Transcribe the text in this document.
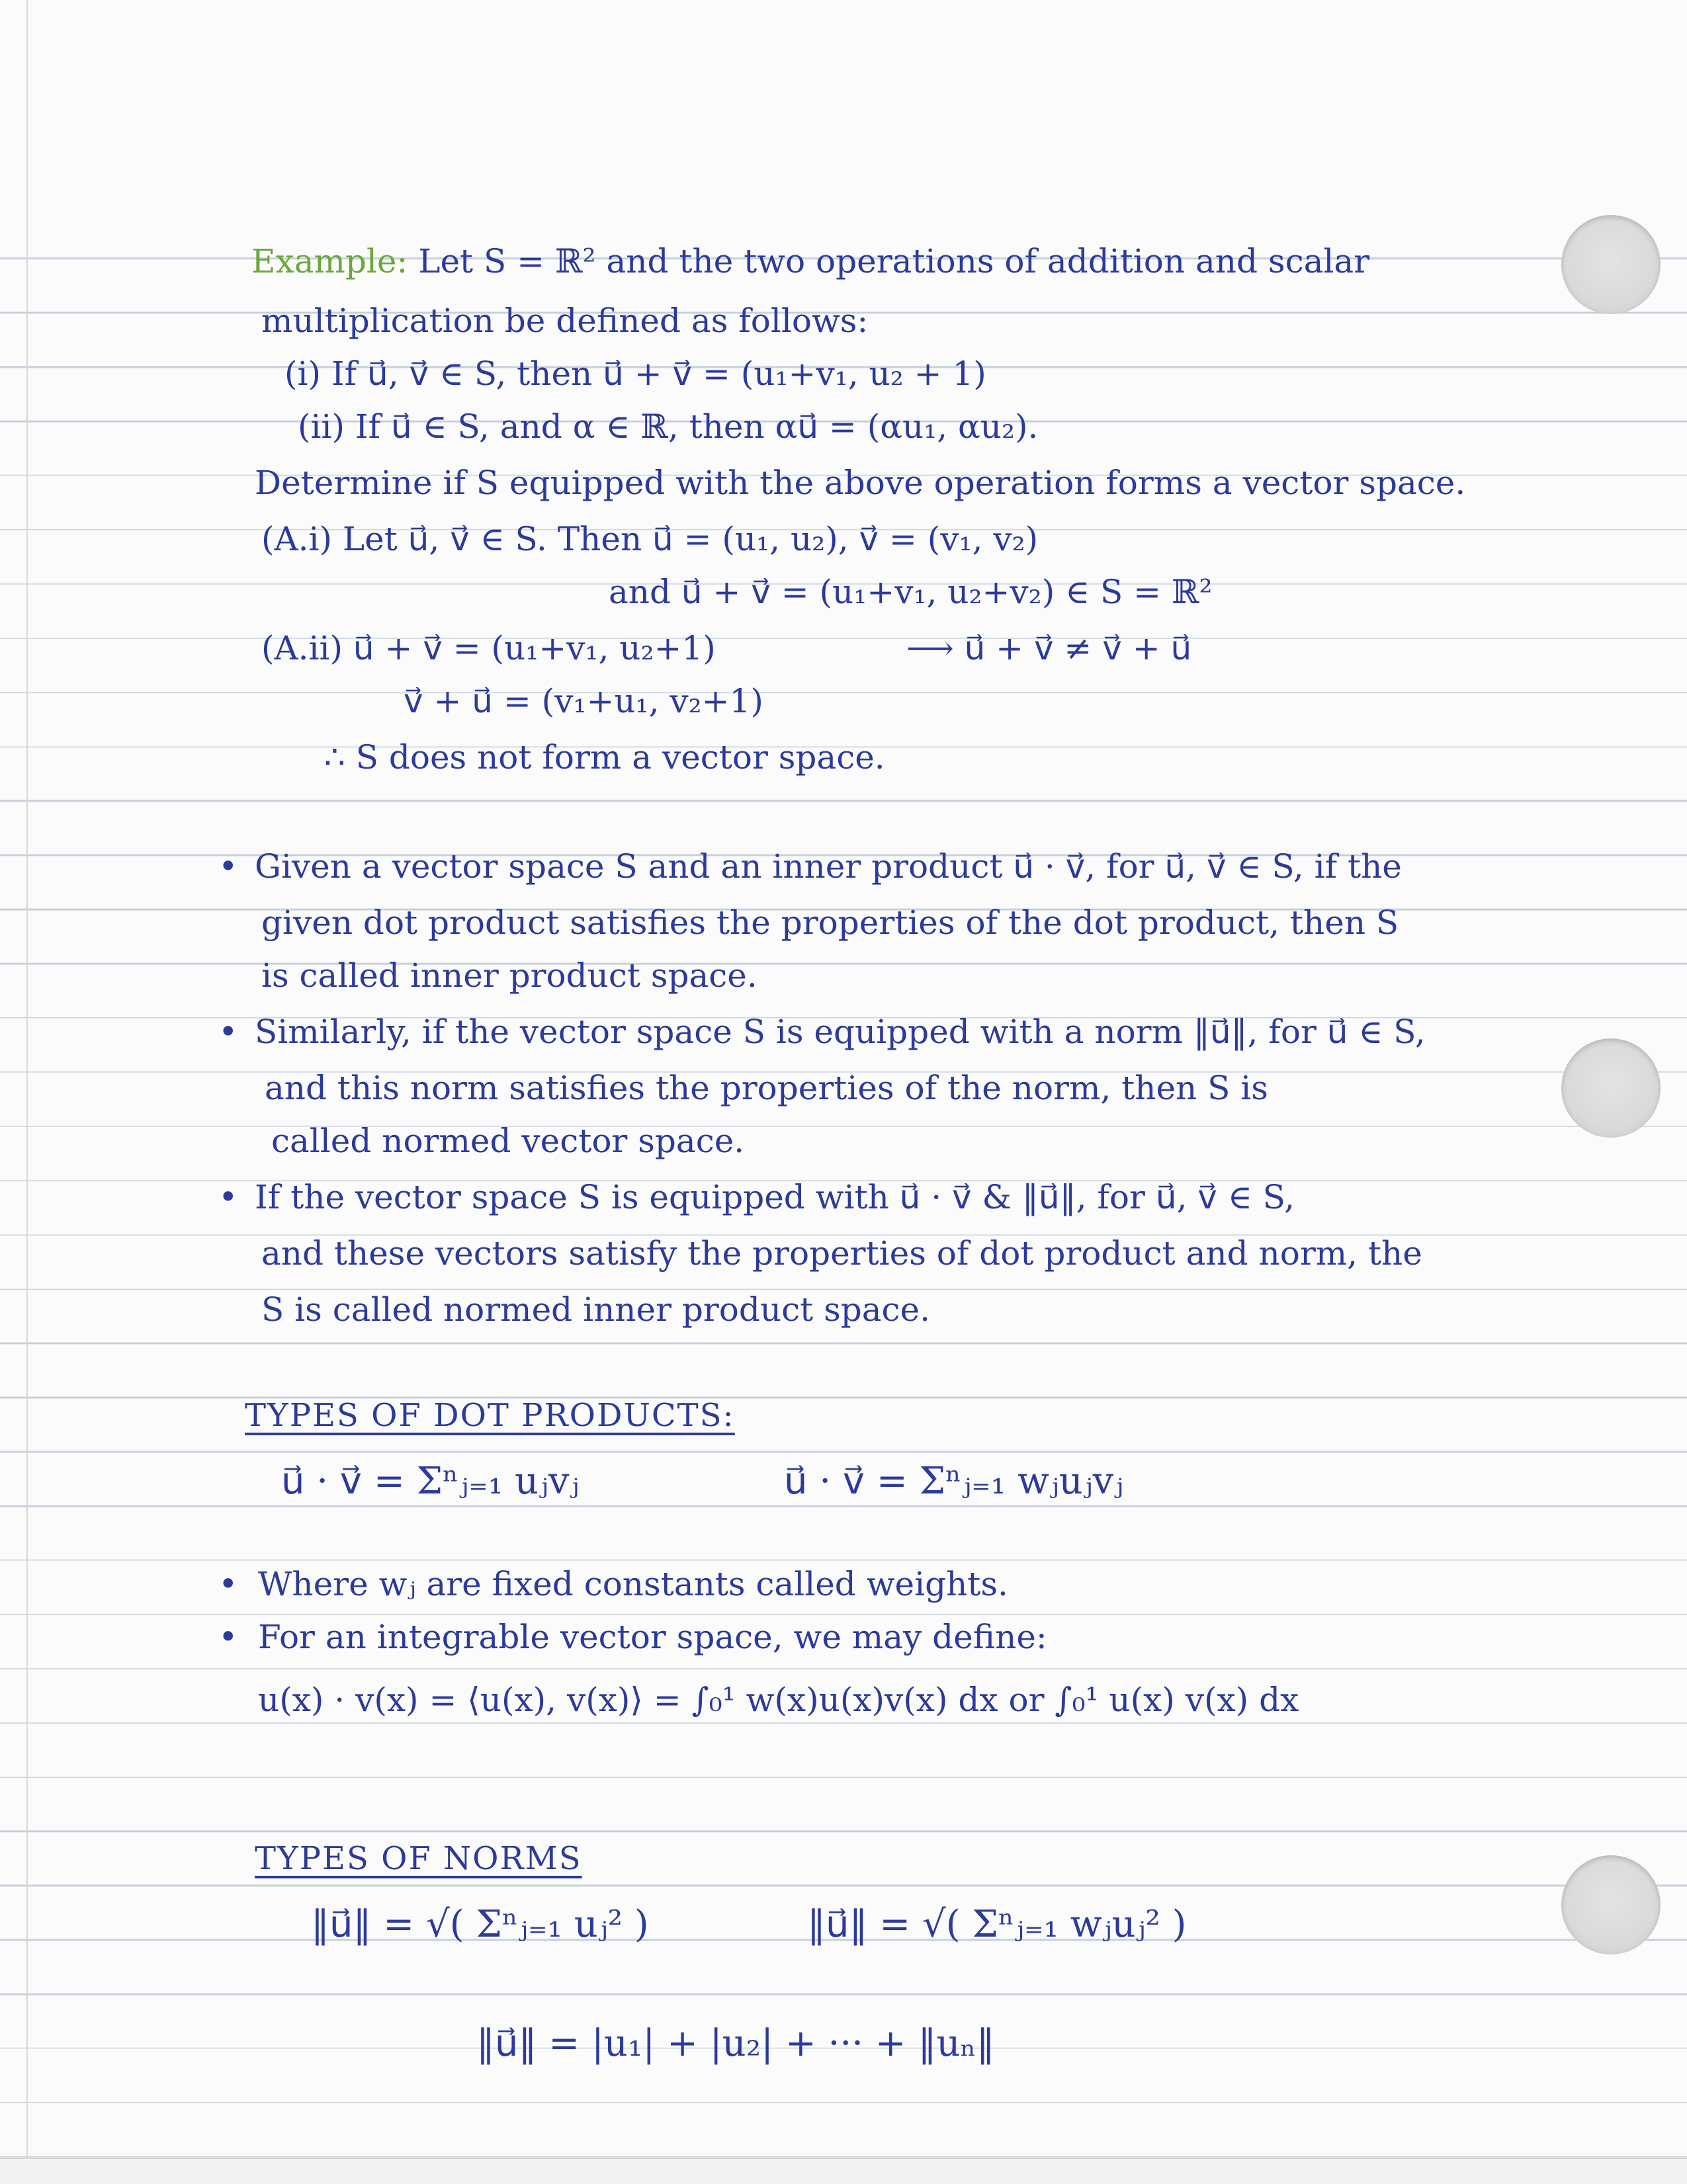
Example: Let S = ℝ² and the two operations of addition and scalar
multiplication be defined as follows:
(i) If u⃗, v⃗ ∈ S, then u⃗ + v⃗ = (u₁+v₁, u₂ + 1)
(ii) If u⃗ ∈ S, and α ∈ ℝ, then αu⃗ = (αu₁, αu₂).
Determine if S equipped with the above operation forms a vector space.
(A.i) Let u⃗, v⃗ ∈ S. Then u⃗ = (u₁, u₂), v⃗ = (v₁, v₂)
and u⃗ + v⃗ = (u₁+v₁, u₂+v₂) ∈ S = ℝ²
(A.ii) u⃗ + v⃗ = (u₁+v₁, u₂+1)	⟶ u⃗ + v⃗ ≠ v⃗ + u⃗
v⃗ + u⃗ = (v₁+u₁, v₂+1)
∴ S does not form a vector space.
• Given a vector space S and an inner product u⃗ · v⃗, for u⃗, v⃗ ∈ S, if the
given dot product satisfies the properties of the dot product, then S
is called inner product space.
• Similarly, if the vector space S is equipped with a norm ‖u⃗‖, for u⃗ ∈ S,
and this norm satisfies the properties of the norm, then S is
called normed vector space.
• If the vector space S is equipped with u⃗ · v⃗ & ‖u⃗‖, for u⃗, v⃗ ∈ S,
and these vectors satisfy the properties of dot product and norm, the
S is called normed inner product space.
TYPES OF DOT PRODUCTS:
u⃗ · v⃗ = Σⁿⱼ₌₁ uⱼvⱼ	u⃗ · v⃗ = Σⁿⱼ₌₁ wⱼuⱼvⱼ
• Where wⱼ are fixed constants called weights.
• For an integrable vector space, we may define:
u(x) · v(x) = ⟨u(x), v(x)⟩ = ∫₀¹ w(x)u(x)v(x) dx or ∫₀¹ u(x) v(x) dx
TYPES OF NORMS
‖u⃗‖ = √( Σⁿⱼ₌₁ uⱼ² )	‖u⃗‖ = √( Σⁿⱼ₌₁ wⱼuⱼ² )
‖u⃗‖ = |u₁| + |u₂| + ··· + ‖uₙ‖
